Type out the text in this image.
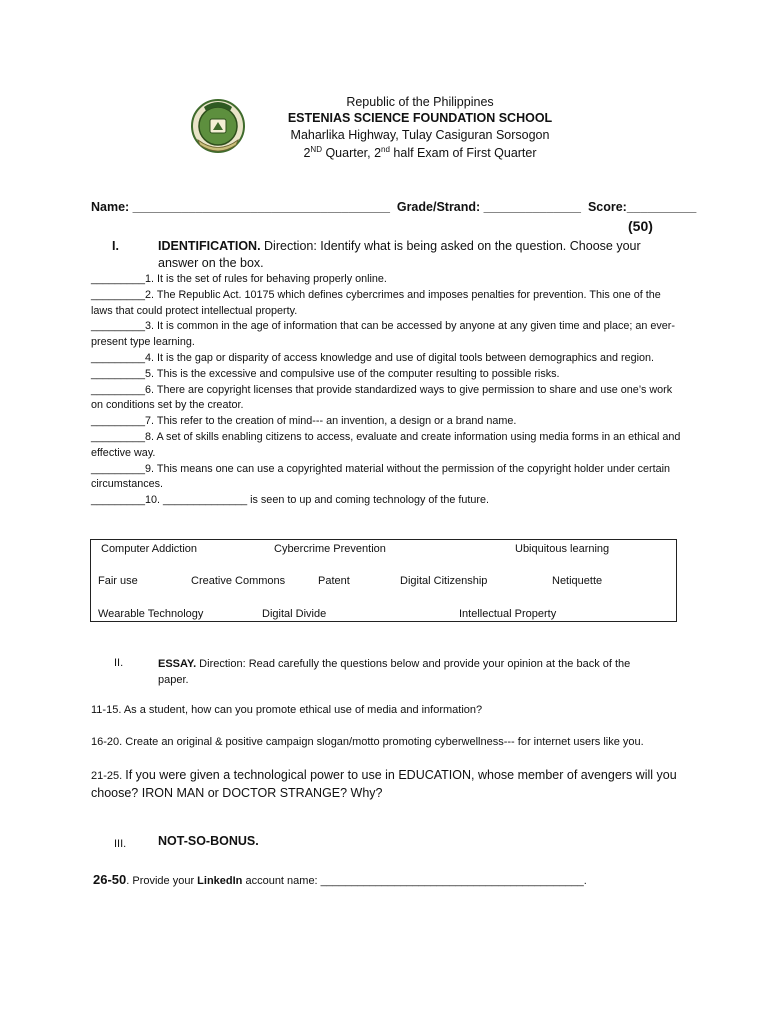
Republic of the Philippines
ESTENIAS SCIENCE FOUNDATION SCHOOL
Maharlika Highway, Tulay Casiguran Sorsogon
2ND Quarter, 2nd half Exam of First Quarter
Name: _____________________________________  Grade/Strand: ______________  Score:__________
(50)
I.	IDENTIFICATION. Direction: Identify what is being asked on the question. Choose your answer on the box.
_________1. It is the set of rules for behaving properly online.
_________2. The Republic Act. 10175 which defines cybercrimes and imposes penalties for prevention. This one of the laws that could protect intellectual property.
_________3. It is common in the age of information that can be accessed by anyone at any given time and place; an ever-present type learning.
_________4. It is the gap or disparity of access knowledge and use of digital tools between demographics and region.
_________5. This is the excessive and compulsive use of the computer resulting to possible risks.
_________6. There are copyright licenses that provide standardized ways to give permission to share and use one’s work on conditions set by the creator.
_________7. This refer to the creation of mind--- an invention, a design or a brand name.
_________8. A set of skills enabling citizens to access, evaluate and create information using media forms in an ethical and effective way.
_________9. This means one can use a copyrighted material without the permission of the copyright holder under certain circumstances.
_________10. ______________ is seen to up and coming technology of the future.
Computer Addiction	Cybercrime Prevention	Ubiquitous learning
Fair use	Creative Commons	Patent	Digital Citizenship	Netiquette
Wearable Technology	Digital Divide	Intellectual Property
II.	ESSAY. Direction: Read carefully the questions below and provide your opinion at the back of the paper.
11-15. As a student, how can you promote ethical use of media and information?
16-20. Create an original & positive campaign slogan/motto promoting cyberwellness--- for internet users like you.
21-25. If you were given a technological power to use in EDUCATION, whose member of avengers will you choose? IRON MAN or DOCTOR STRANGE? Why?
III.	NOT-SO-BONUS.
26-50. Provide your LinkedIn account name: ___________________________________________.
